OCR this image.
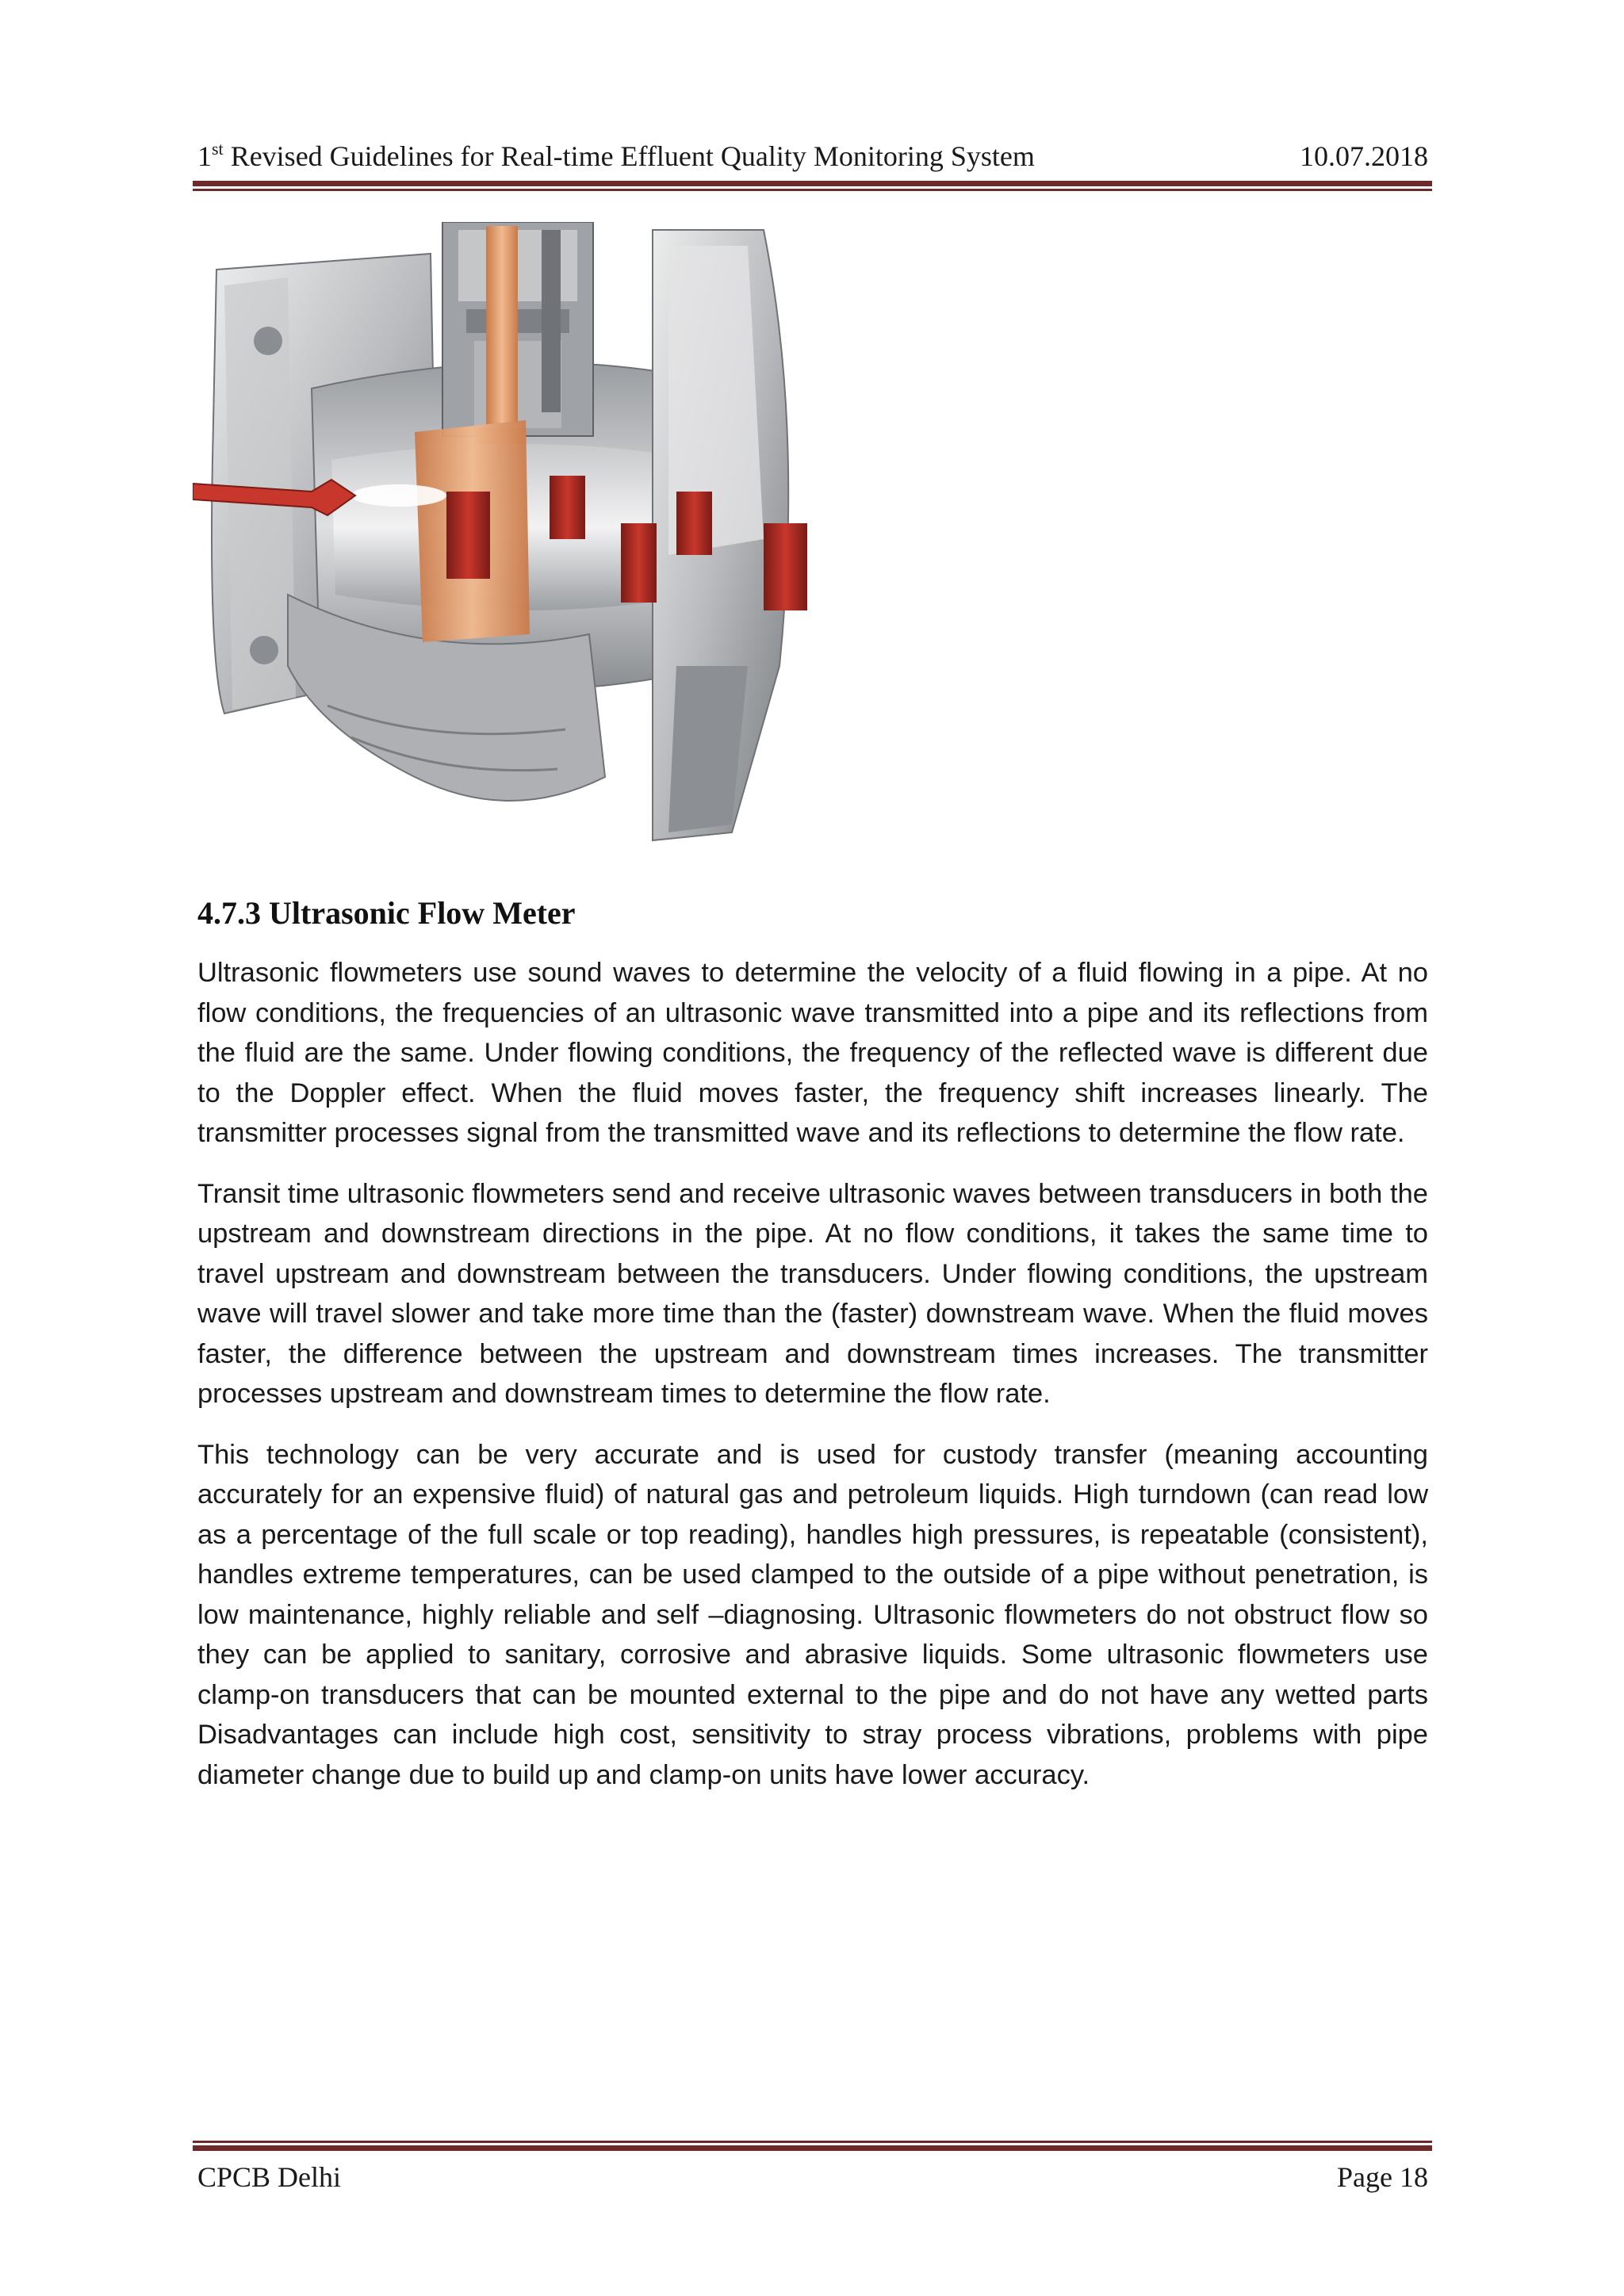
1st Revised Guidelines for Real-time Effluent Quality Monitoring System	10.07.2018
4.7.3 Ultrasonic Flow Meter

Ultrasonic flowmeters use sound waves to determine the velocity of a fluid flowing in a pipe. At no flow conditions, the frequencies of an ultrasonic wave transmitted into a pipe and its reflections from the fluid are the same. Under flowing conditions, the frequency of the reflected wave is different due to the Doppler effect. When the fluid moves faster, the frequency shift increases linearly. The transmitter processes signal from the transmitted wave and its reflections to determine the flow rate.

Transit time ultrasonic flowmeters send and receive ultrasonic waves between transducers in both the upstream and downstream directions in the pipe. At no flow conditions, it takes the same time to travel upstream and downstream between the transducers. Under flowing conditions, the upstream wave will travel slower and take more time than the (faster) downstream wave. When the fluid moves faster, the difference between the upstream and downstream times increases. The transmitter processes upstream and downstream times to determine the flow rate.

This technology can be very accurate and is used for custody transfer (meaning accounting accurately for an expensive fluid) of natural gas and petroleum liquids. High turndown (can read low as a percentage of the full scale or top reading), handles high pressures, is repeatable (consistent), handles extreme temperatures, can be used clamped to the outside of a pipe without penetration, is low maintenance, highly reliable and self –diagnosing. Ultrasonic flowmeters do not obstruct flow so they can be applied to sanitary, corrosive and abrasive liquids. Some ultrasonic flowmeters use clamp-on transducers that can be mounted external to the pipe and do not have any wetted parts Disadvantages can include high cost, sensitivity to stray process vibrations, problems with pipe diameter change due to build up and clamp-on units have lower accuracy.

CPCB Delhi	Page 18
